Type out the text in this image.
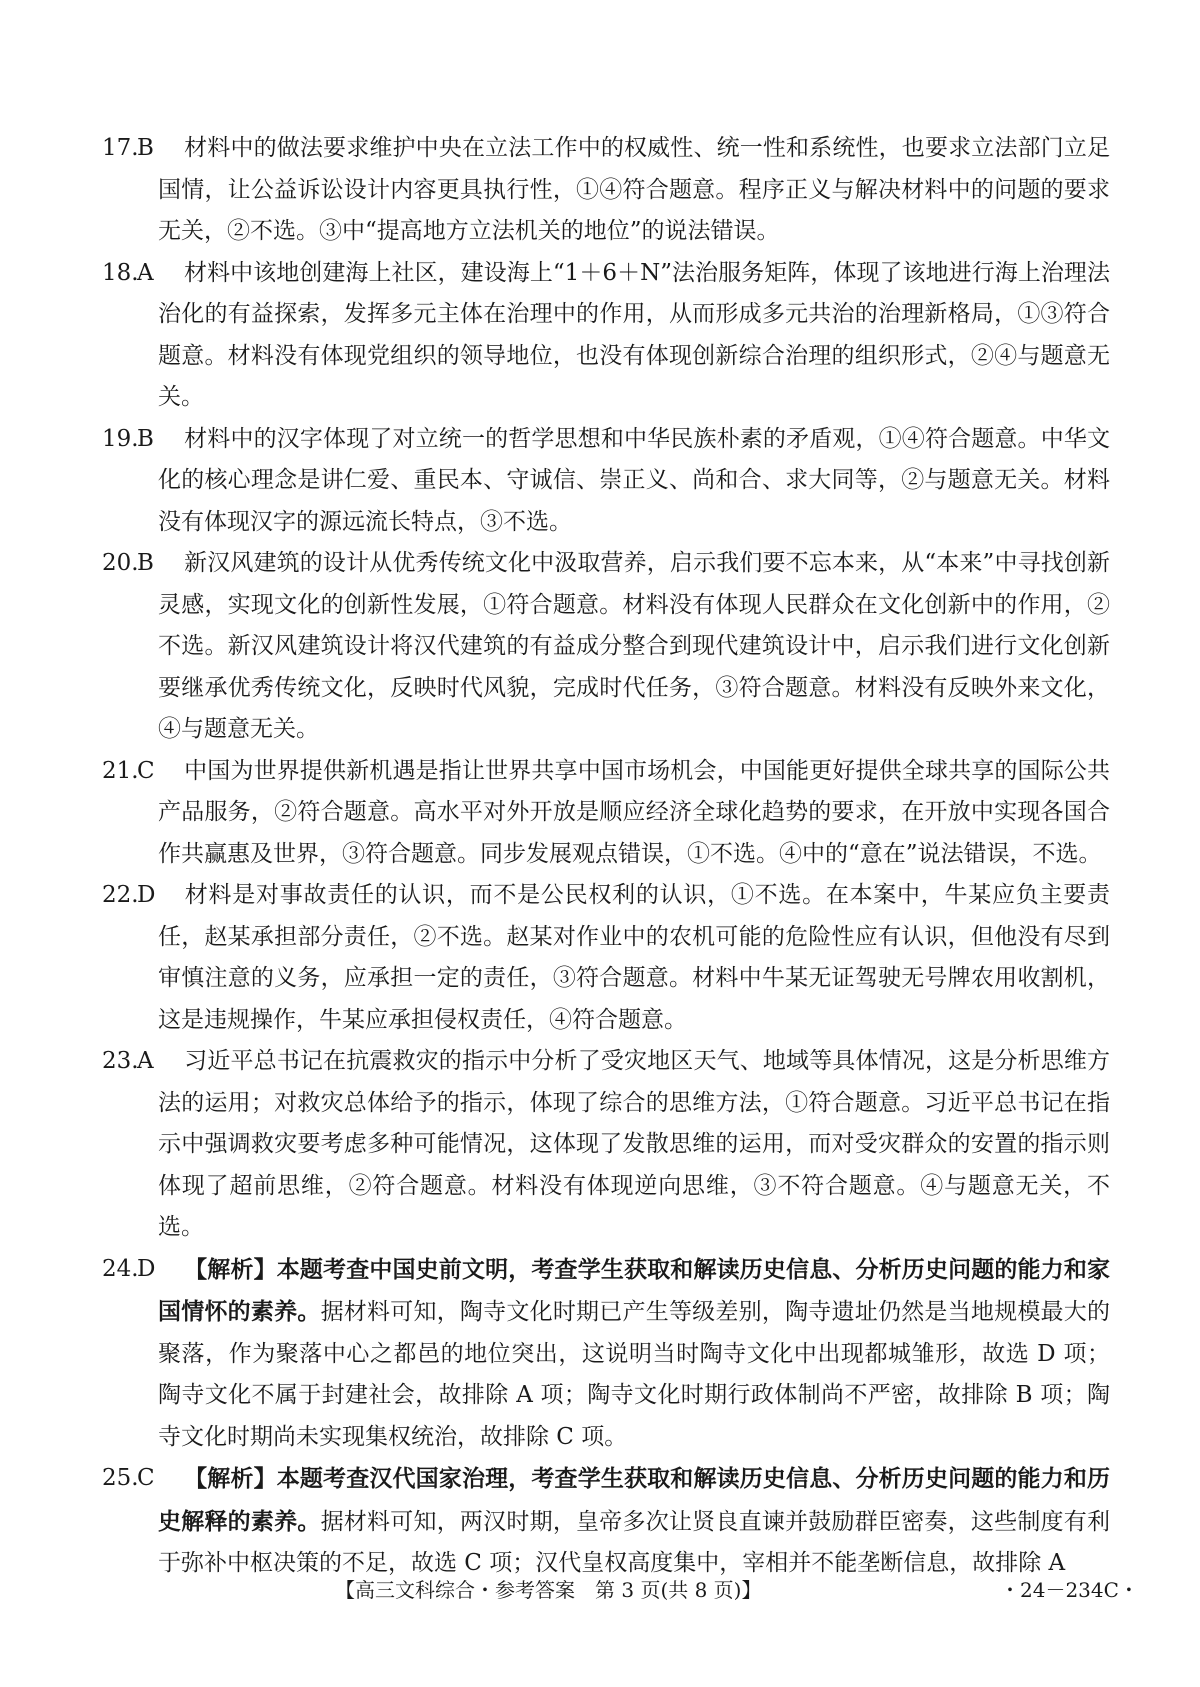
17.
B	材料中的做法要求维护中央在立法工作中的权威性、统一性和系统性，也要求立法部门立足国情，让公益诉讼设计内容更具执行性，①④符合题意。程序正义与解决材料中的问题的要求无关，②不选。③中“提高地方立法机关的地位”的说法错误。
18.
A	材料中该地创建海上社区，建设海上“1＋6＋N”法治服务矩阵，体现了该地进行海上治理法治化的有益探索，发挥多元主体在治理中的作用，从而形成多元共治的治理新格局，①③符合题意。材料没有体现党组织的领导地位，也没有体现创新综合治理的组织形式，②④与题意无关。
19.
B	材料中的汉字体现了对立统一的哲学思想和中华民族朴素的矛盾观，①④符合题意。中华文化的核心理念是讲仁爱、重民本、守诚信、崇正义、尚和合、求大同等，②与题意无关。材料没有体现汉字的源远流长特点，③不选。
20.
B	新汉风建筑的设计从优秀传统文化中汲取营养，启示我们要不忘本来，从“本来”中寻找创新灵感，实现文化的创新性发展，①符合题意。材料没有体现人民群众在文化创新中的作用，②不选。新汉风建筑设计将汉代建筑的有益成分整合到现代建筑设计中，启示我们进行文化创新要继承优秀传统文化，反映时代风貌，完成时代任务，③符合题意。材料没有反映外来文化，④与题意无关。
21.
C	中国为世界提供新机遇是指让世界共享中国市场机会，中国能更好提供全球共享的国际公共产品服务，②符合题意。高水平对外开放是顺应经济全球化趋势的要求，在开放中实现各国合作共赢惠及世界，③符合题意。同步发展观点错误，①不选。④中的“意在”说法错误，不选。
22.
D	材料是对事故责任的认识，而不是公民权利的认识，①不选。在本案中，牛某应负主要责任，赵某承担部分责任，②不选。赵某对作业中的农机可能的危险性应有认识，但他没有尽到审慎注意的义务，应承担一定的责任，③符合题意。材料中牛某无证驾驶无号牌农用收割机，这是违规操作，牛某应承担侵权责任，④符合题意。
23.
A	习近平总书记在抗震救灾的指示中分析了受灾地区天气、地域等具体情况，这是分析思维方法的运用；对救灾总体给予的指示，体现了综合的思维方法，①符合题意。习近平总书记在指示中强调救灾要考虑多种可能情况，这体现了发散思维的运用，而对受灾群众的安置的指示则体现了超前思维，②符合题意。材料没有体现逆向思维，③不符合题意。④与题意无关，不选。
24.
D	【解析】本题考查中国史前文明，考查学生获取和解读历史信息、分析历史问题的能力和家国情怀的素养。据材料可知，陶寺文化时期已产生等级差别，陶寺遗址仍然是当地规模最大的聚落，作为聚落中心之都邑的地位突出，这说明当时陶寺文化中出现都城雏形，故选 D 项；陶寺文化不属于封建社会，故排除 A 项；陶寺文化时期行政体制尚不严密，故排除 B 项；陶寺文化时期尚未实现集权统治，故排除 C 项。
25.
C	【解析】本题考查汉代国家治理，考查学生获取和解读历史信息、分析历史问题的能力和历史解释的素养。据材料可知，两汉时期，皇帝多次让贤良直谏并鼓励群臣密奏，这些制度有利于弥补中枢决策的不足，故选 C 项；汉代皇权高度集中，宰相并不能垄断信息，故排除 A
【高三文科综合・参考答案　第 3 页(共 8 页)】	・24－234C・
